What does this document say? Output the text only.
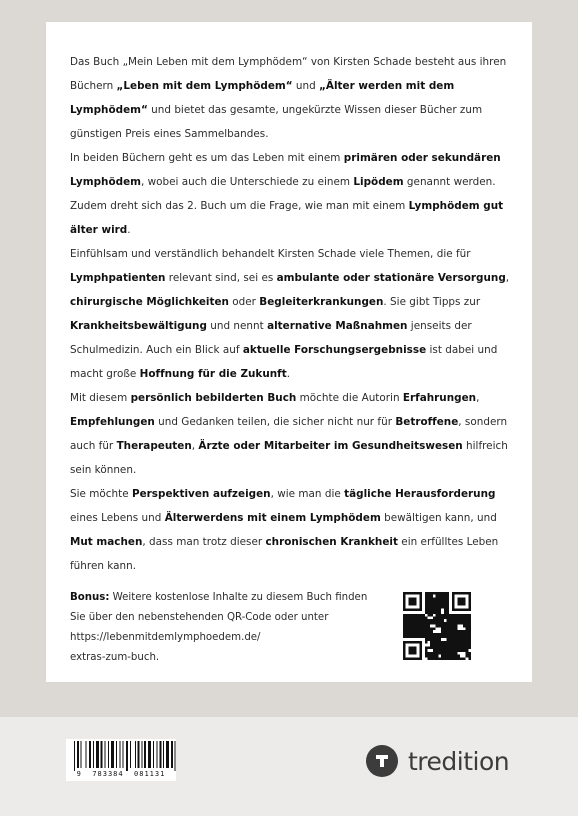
Das Buch „Mein Leben mit dem Lymphödem“ von Kirsten Schade besteht aus ihren Büchern „Leben mit dem Lymphödem“ und „Älter werden mit dem Lymphödem“ und bietet das gesamte, ungekürzte Wissen dieser Bücher zum günstigen Preis eines Sammelbandes.

In beiden Büchern geht es um das Leben mit einem primären oder sekundären Lymphödem, wobei auch die Unterschiede zu einem Lipödem genannt werden. Zudem dreht sich das 2. Buch um die Frage, wie man mit einem Lymphödem gut älter wird.

Einfühlsam und verständlich behandelt Kirsten Schade viele Themen, die für Lymphpatienten relevant sind, sei es ambulante oder stationäre Versorgung, chirurgische Möglichkeiten oder Begleiterkrankungen. Sie gibt Tipps zur Krankheitsbewältigung und nennt alternative Maßnahmen jenseits der Schulmedizin. Auch ein Blick auf aktuelle Forschungsergebnisse ist dabei und macht große Hoffnung für die Zukunft.

Mit diesem persönlich bebilderten Buch möchte die Autorin Erfahrungen, Empfehlungen und Gedanken teilen, die sicher nicht nur für Betroffene, sondern auch für Therapeuten, Ärzte oder Mitarbeiter im Gesundheitswesen hilfreich sein können.

Sie möchte Perspektiven aufzeigen, wie man die tägliche Herausforderung eines Lebens und Älterwerdens mit einem Lymphödem bewältigen kann, und Mut machen, dass man trotz dieser chronischen Krankheit ein erfülltes Leben führen kann.

Bonus: Weitere kostenlose Inhalte zu diesem Buch finden Sie über den nebenstehenden QR-Code oder unter
https://lebenmitdemlymphoedem.de/
extras-zum-buch.

9  783384  081131	tredition
